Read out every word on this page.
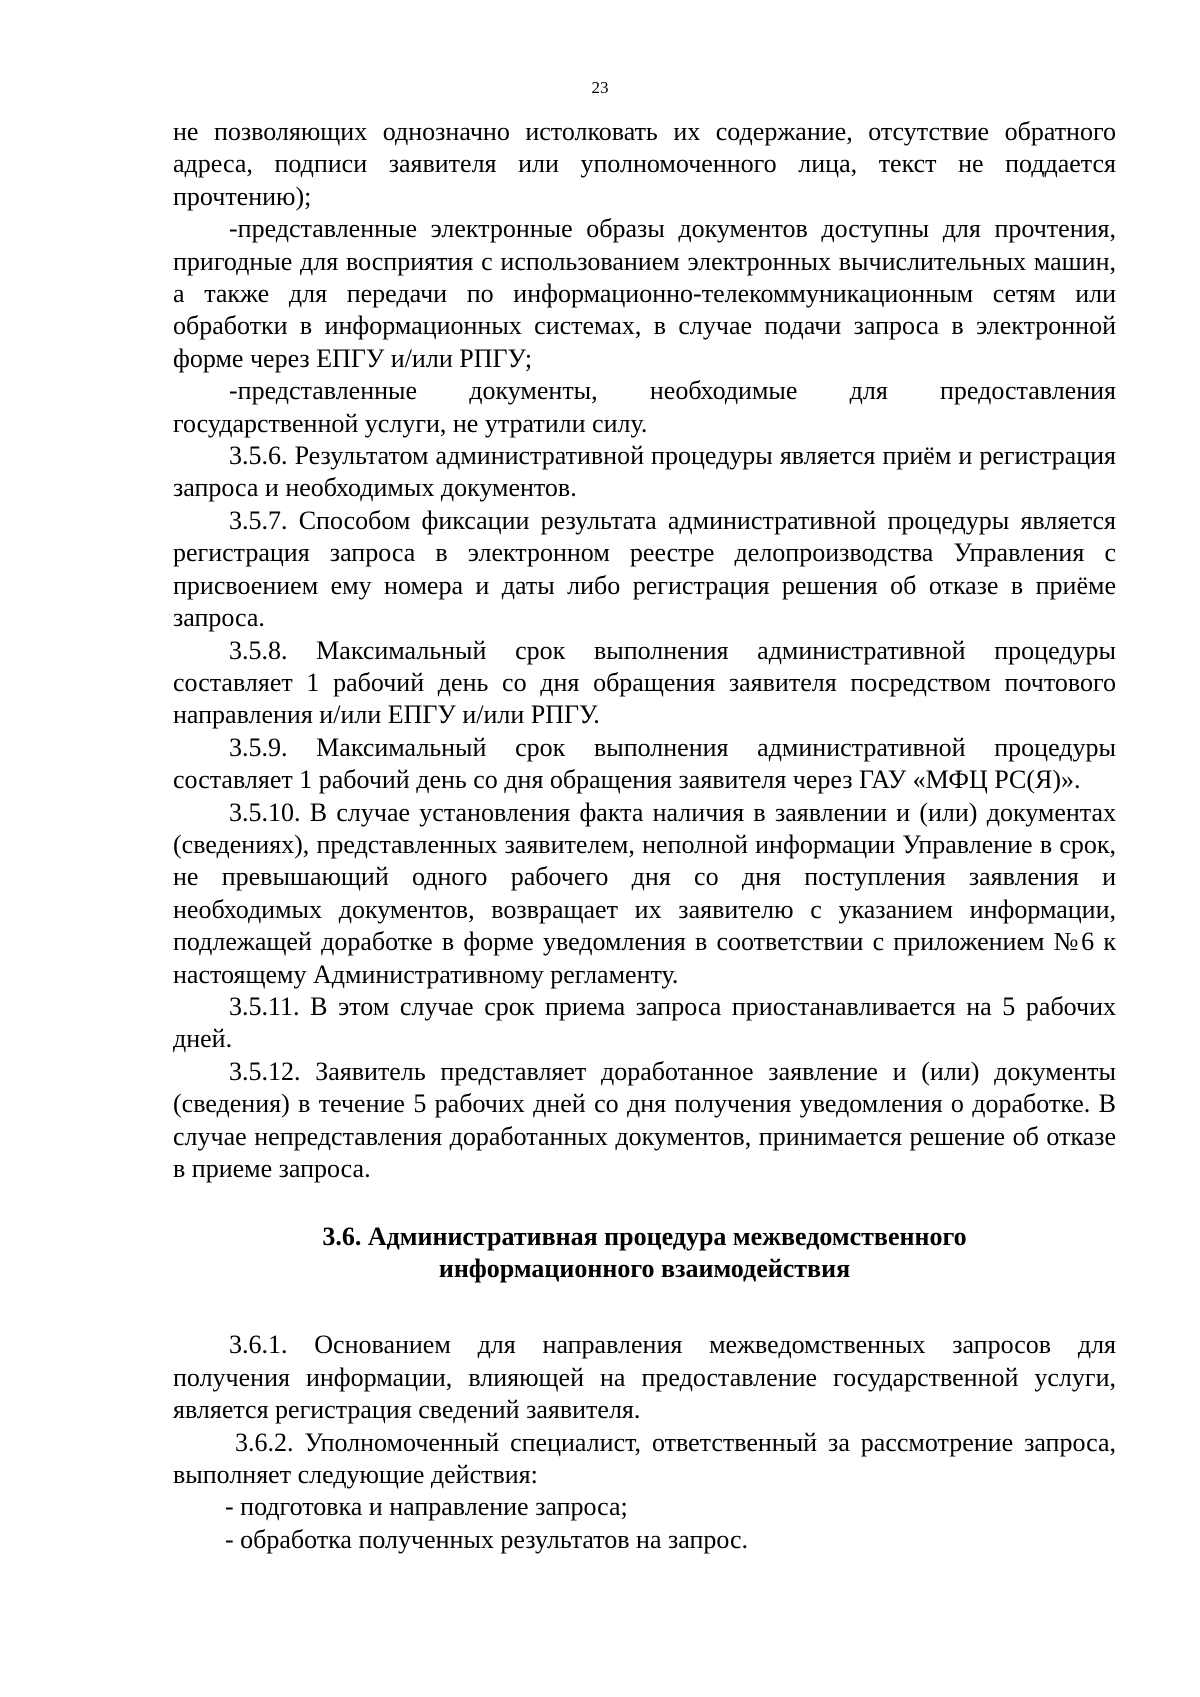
23

не позволяющих однозначно истолковать их содержание, отсутствие обратного адреса, подписи заявителя или уполномоченного лица, текст не поддается прочтению);

-представленные электронные образы документов доступны для прочтения, пригодные для восприятия с использованием электронных вычислительных машин, а также для передачи по информационно-телекоммуникационным сетям или обработки в информационных системах, в случае подачи запроса в электронной форме через ЕПГУ и/или РПГУ;

-представленные документы, необходимые для предоставления государственной услуги, не утратили силу.

3.5.6. Результатом административной процедуры является приём и регистрация запроса и необходимых документов.

3.5.7. Способом фиксации результата административной процедуры является регистрация запроса в электронном реестре делопроизводства Управления с присвоением ему номера и даты либо регистрация решения об отказе в приёме запроса.

3.5.8. Максимальный срок выполнения административной процедуры составляет 1 рабочий день со дня обращения заявителя посредством почтового направления и/или ЕПГУ и/или РПГУ.

3.5.9. Максимальный срок выполнения административной процедуры составляет 1 рабочий день со дня обращения заявителя через ГАУ «МФЦ РС(Я)».

3.5.10. В случае установления факта наличия в заявлении и (или) документах (сведениях), представленных заявителем, неполной информации Управление в срок, не превышающий одного рабочего дня со дня поступления заявления и необходимых документов, возвращает их заявителю с указанием информации, подлежащей доработке в форме уведомления в соответствии с приложением №6 к настоящему Административному регламенту.

3.5.11. В этом случае срок приема запроса приостанавливается на 5 рабочих дней.

3.5.12. Заявитель представляет доработанное заявление и (или) документы (сведения) в течение 5 рабочих дней со дня получения уведомления о доработке. В случае непредставления доработанных документов, принимается решение об отказе в приеме запроса.

3.6. Административная процедура межведомственного
информационного взаимодействия

3.6.1. Основанием для направления межведомственных запросов для получения информации, влияющей на предоставление государственной услуги, является регистрация сведений заявителя.

3.6.2. Уполномоченный специалист, ответственный за рассмотрение запроса, выполняет следующие действия:

- подготовка и направление запроса;

- обработка полученных результатов на запрос.
